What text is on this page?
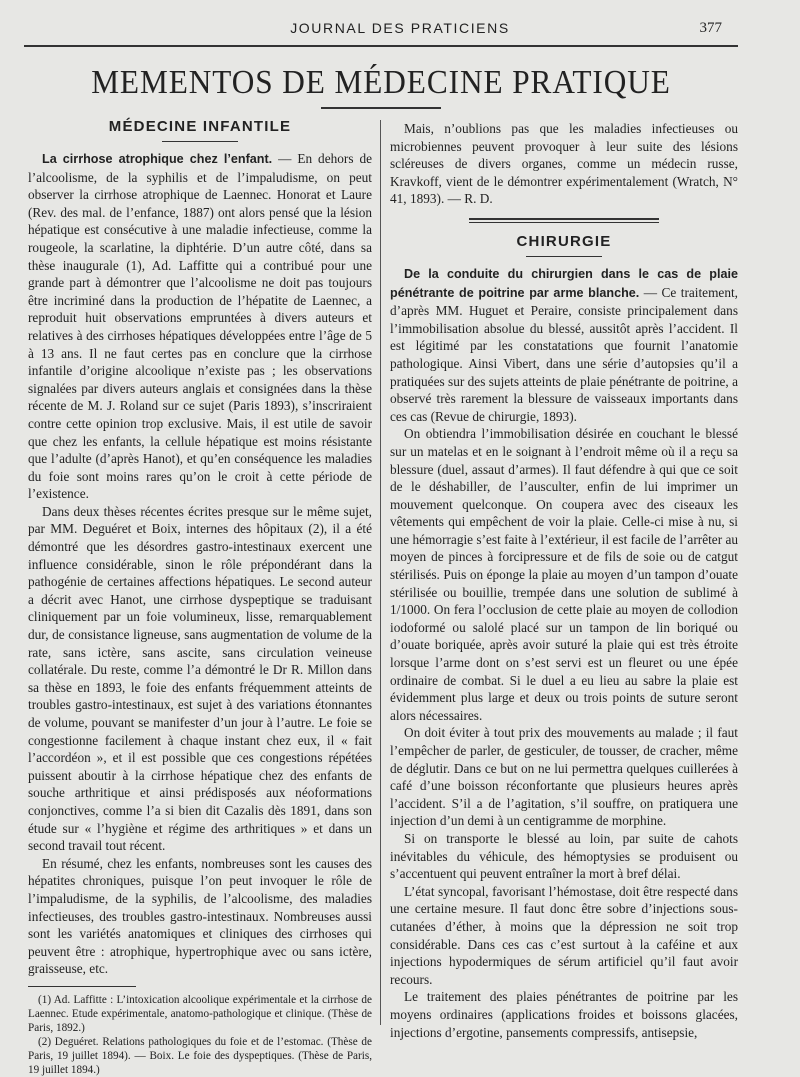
JOURNAL DES PRATICIENS	377
MEMENTOS DE MÉDECINE PRATIQUE
MÉDECINE INFANTILE

La cirrhose atrophique chez l’enfant. — En dehors de l’alcoolisme, de la syphilis et de l’impaludisme, on peut observer la cirrhose atrophique de Laennec. Honorat et Laure (Rev. des mal. de l’enfance, 1887) ont alors pensé que la lésion hépatique est consécutive à une maladie infectieuse, comme la rougeole, la scarlatine, la diphtérie. D’un autre côté, dans sa thèse inaugurale (1), Ad. Laffitte qui a contribué pour une grande part à démontrer que l’alcoolisme ne doit pas toujours être incriminé dans la production de l’hépatite de Laennec, a reproduit huit observations empruntées à divers auteurs et relatives à des cirrhoses hépatiques développées entre l’âge de 5 à 13 ans. Il ne faut certes pas en conclure que la cirrhose infantile d’origine alcoolique n’existe pas ; les observations signalées par divers auteurs anglais et consignées dans la thèse récente de M. J. Roland sur ce sujet (Paris 1893), s’inscriraient contre cette opinion trop exclusive. Mais, il est utile de savoir que chez les enfants, la cellule hépatique est moins résistante que l’adulte (d’après Hanot), et qu’en conséquence les maladies du foie sont moins rares qu’on le croit à cette période de l’existence.

Dans deux thèses récentes écrites presque sur le même sujet, par MM. Deguéret et Boix, internes des hôpitaux (2), il a été démontré que les désordres gastro-intestinaux exercent une influence considérable, sinon le rôle prépondérant dans la pathogénie de certaines affections hépatiques. Le second auteur a décrit avec Hanot, une cirrhose dyspeptique se traduisant cliniquement par un foie volumineux, lisse, remarquablement dur, de consistance ligneuse, sans augmentation de volume de la rate, sans ictère, sans ascite, sans circulation veineuse collatérale. Du reste, comme l’a démontré le Dr R. Millon dans sa thèse en 1893, le foie des enfants fréquemment atteints de troubles gastro-intestinaux, est sujet à des variations étonnantes de volume, pouvant se manifester d’un jour à l’autre. Le foie se congestionne facilement à chaque instant chez eux, il « fait l’accordéon », et il est possible que ces congestions répétées puissent aboutir à la cirrhose hépatique chez des enfants de souche arthritique et ainsi prédisposés aux néoformations conjonctives, comme l’a si bien dit Cazalis dès 1891, dans son étude sur « l’hygiène et régime des arthritiques » et dans un second travail tout récent.

En résumé, chez les enfants, nombreuses sont les causes des hépatites chroniques, puisque l’on peut invoquer le rôle de l’impaludisme, de la syphilis, de l’alcoolisme, des maladies infectieuses, des troubles gastro-intestinaux. Nombreuses aussi sont les variétés anatomiques et cliniques des cirrhoses qui peuvent être : atrophique, hypertrophique avec ou sans ictère, graisseuse, etc.

(1) Ad. Laffitte : L’intoxication alcoolique expérimentale et la cirrhose de Laennec. Etude expérimentale, anatomo-pathologique et clinique. (Thèse de Paris, 1892.)

(2) Deguéret. Relations pathologiques du foie et de l’estomac. (Thèse de Paris, 19 juillet 1894). — Boix. Le foie des dyspeptiques. (Thèse de Paris, 19 juillet 1894.)

Mais, n’oublions pas que les maladies infectieuses ou microbiennes peuvent provoquer à leur suite des lésions scléreuses de divers organes, comme un médecin russe, Kravkoff, vient de le démontrer expérimentalement (Wratch, N° 41, 1893). — R. D.

CHIRURGIE

De la conduite du chirurgien dans le cas de plaie pénétrante de poitrine par arme blanche. — Ce traitement, d’après MM. Huguet et Peraire, consiste principalement dans l’immobilisation absolue du blessé, aussitôt après l’accident. Il est légitimé par les constatations que fournit l’anatomie pathologique. Ainsi Vibert, dans une série d’autopsies qu’il a pratiquées sur des sujets atteints de plaie pénétrante de poitrine, a observé très rarement la blessure de vaisseaux importants dans ces cas (Revue de chirurgie, 1893).

On obtiendra l’immobilisation désirée en couchant le blessé sur un matelas et en le soignant à l’endroit même où il a reçu sa blessure (duel, assaut d’armes). Il faut défendre à qui que ce soit de le déshabiller, de l’ausculter, enfin de lui imprimer un mouvement quelconque. On coupera avec des ciseaux les vêtements qui empêchent de voir la plaie. Celle-ci mise à nu, si une hémorragie s’est faite à l’extérieur, il est facile de l’arrêter au moyen de pinces à forcipressure et de fils de soie ou de catgut stérilisés. Puis on éponge la plaie au moyen d’un tampon d’ouate stérilisée ou bouillie, trempée dans une solution de sublimé à 1/1000. On fera l’occlusion de cette plaie au moyen de collodion iodoformé ou salolé placé sur un tampon de lin boriqué ou d’ouate boriquée, après avoir suturé la plaie qui est très étroite lorsque l’arme dont on s’est servi est un fleuret ou une épée ordinaire de combat. Si le duel a eu lieu au sabre la plaie est évidemment plus large et deux ou trois points de suture seront alors nécessaires.

On doit éviter à tout prix des mouvements au malade ; il faut l’empêcher de parler, de gesticuler, de tousser, de cracher, même de déglutir. Dans ce but on ne lui permettra quelques cuillerées à café d’une boisson réconfortante que plusieurs heures après l’accident. S’il a de l’agitation, s’il souffre, on pratiquera une injection d’un demi à un centigramme de morphine.

Si on transporte le blessé au loin, par suite de cahots inévitables du véhicule, des hémoptysies se produisent ou s’accentuent qui peuvent entraîner la mort à bref délai.

L’état syncopal, favorisant l’hémostase, doit être respecté dans une certaine mesure. Il faut donc être sobre d’injections sous-cutanées d’éther, à moins que la dépression ne soit trop considérable. Dans ces cas c’est surtout à la caféine et aux injections hypodermiques de sérum artificiel qu’il faut avoir recours.

Le traitement des plaies pénétrantes de poitrine par les moyens ordinaires (applications froides et boissons glacées, injections d’ergotine, pansements compressifs, antisepsie,
